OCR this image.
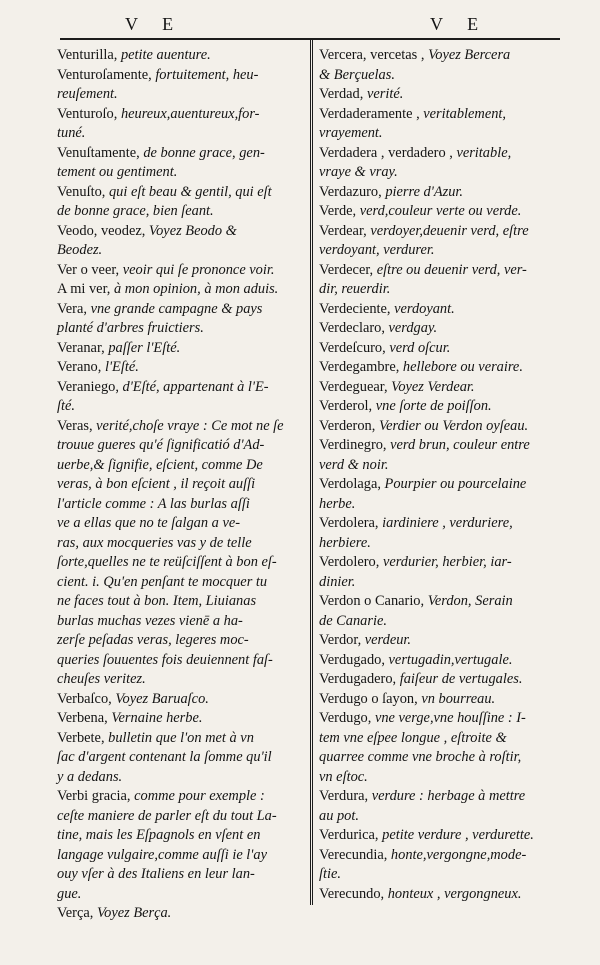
V E	V E

Venturilla, petite auenture.

Venturoſamente, fortuitement, heu-
reuſement.

Venturoſo, heureux,auentureux,for-
tuné.

Venuſtamente, de bonne grace, gen-
tement ou gentiment.

Venuſto, qui eſt beau & gentil, qui eſt
de bonne grace, bien ſeant.

Veodo, veodez, Voyez Beodo &
Beodez.

Ver o veer, veoir qui ſe prononce voir.

A mi ver, à mon opinion, à mon aduis.

Vera, vne grande campagne & pays
planté d'arbres fruictiers.

Veranar, paſſer l'Eſté.

Verano, l'Eſté.

Veraniego, d'Eſté, appartenant à l'E-
ſté.

Veras, verité,choſe vraye : Ce mot ne ſe
trouue gueres qu'é ſignificatió d'Ad-
uerbe,& ſignifie, eſcient, comme De
veras, à bon eſcient , il reçoit auſſi
l'article comme : A las burlas aſſi
ve a ellas que no te ſalgan a ve-
ras, aux mocqueries vas y de telle
ſorte,quelles ne te reüſciſſent à bon eſ-
cient. i. Qu'en penſant te mocquer tu
ne faces tout à bon. Item, Liuianas
burlas muchas vezes vienē a ha-
zerſe peſadas veras, legeres moc-
queries ſouuentes fois deuiennent faſ-
cheuſes veritez.

Verbaſco, Voyez Baruaſco.

Verbena, Vernaine herbe.

Verbete, bulletin que l'on met à vn
ſac d'argent contenant la ſomme qu'il
y a dedans.

Verbi gracia, comme pour exemple :
ceſte maniere de parler eſt du tout La-
tine, mais les Eſpagnols en vſent en
langage vulgaire,comme auſſi ie l'ay
ouy vſer à des Italiens en leur lan-
gue.

Verça, Voyez Berça.

Vercera, vercetas , Voyez Bercera
& Berçuelas.

Verdad, verité.

Verdaderamente , veritablement,
vrayement.

Verdadera , verdadero , veritable,
vraye & vray.

Verdazuro, pierre d'Azur.

Verde, verd,couleur verte ou verde.

Verdear, verdoyer,deuenir verd, eſtre
verdoyant, verdurer.

Verdecer, eſtre ou deuenir verd, ver-
dir, reuerdir.

Verdeciente, verdoyant.

Verdeclaro, verdgay.

Verdeſcuro, verd oſcur.

Verdegambre, hellebore ou veraire.

Verdeguear, Voyez Verdear.

Verderol, vne ſorte de poiſſon.

Verderon, Verdier ou Verdon oyſeau.

Verdinegro, verd brun, couleur entre
verd & noir.

Verdolaga, Pourpier ou pourcelaine
herbe.

Verdolera, iardiniere , verduriere,
herbiere.

Verdolero, verdurier, herbier, iar-
dinier.

Verdon o Canario, Verdon, Serain
de Canarie.

Verdor, verdeur.

Verdugado, vertugadin,vertugale.

Verdugadero, faiſeur de vertugales.

Verdugo o ſayon, vn bourreau.

Verdugo, vne verge,vne houſſine : I-
tem vne eſpee longue , eſtroite &
quarree comme vne broche à roſtir,
vn eſtoc.

Verdura, verdure : herbage à mettre
au pot.

Verdurica, petite verdure , verdurette.

Verecundia, honte,vergongne,mode-
ſtie.

Verecundo, honteux , vergongneux.
